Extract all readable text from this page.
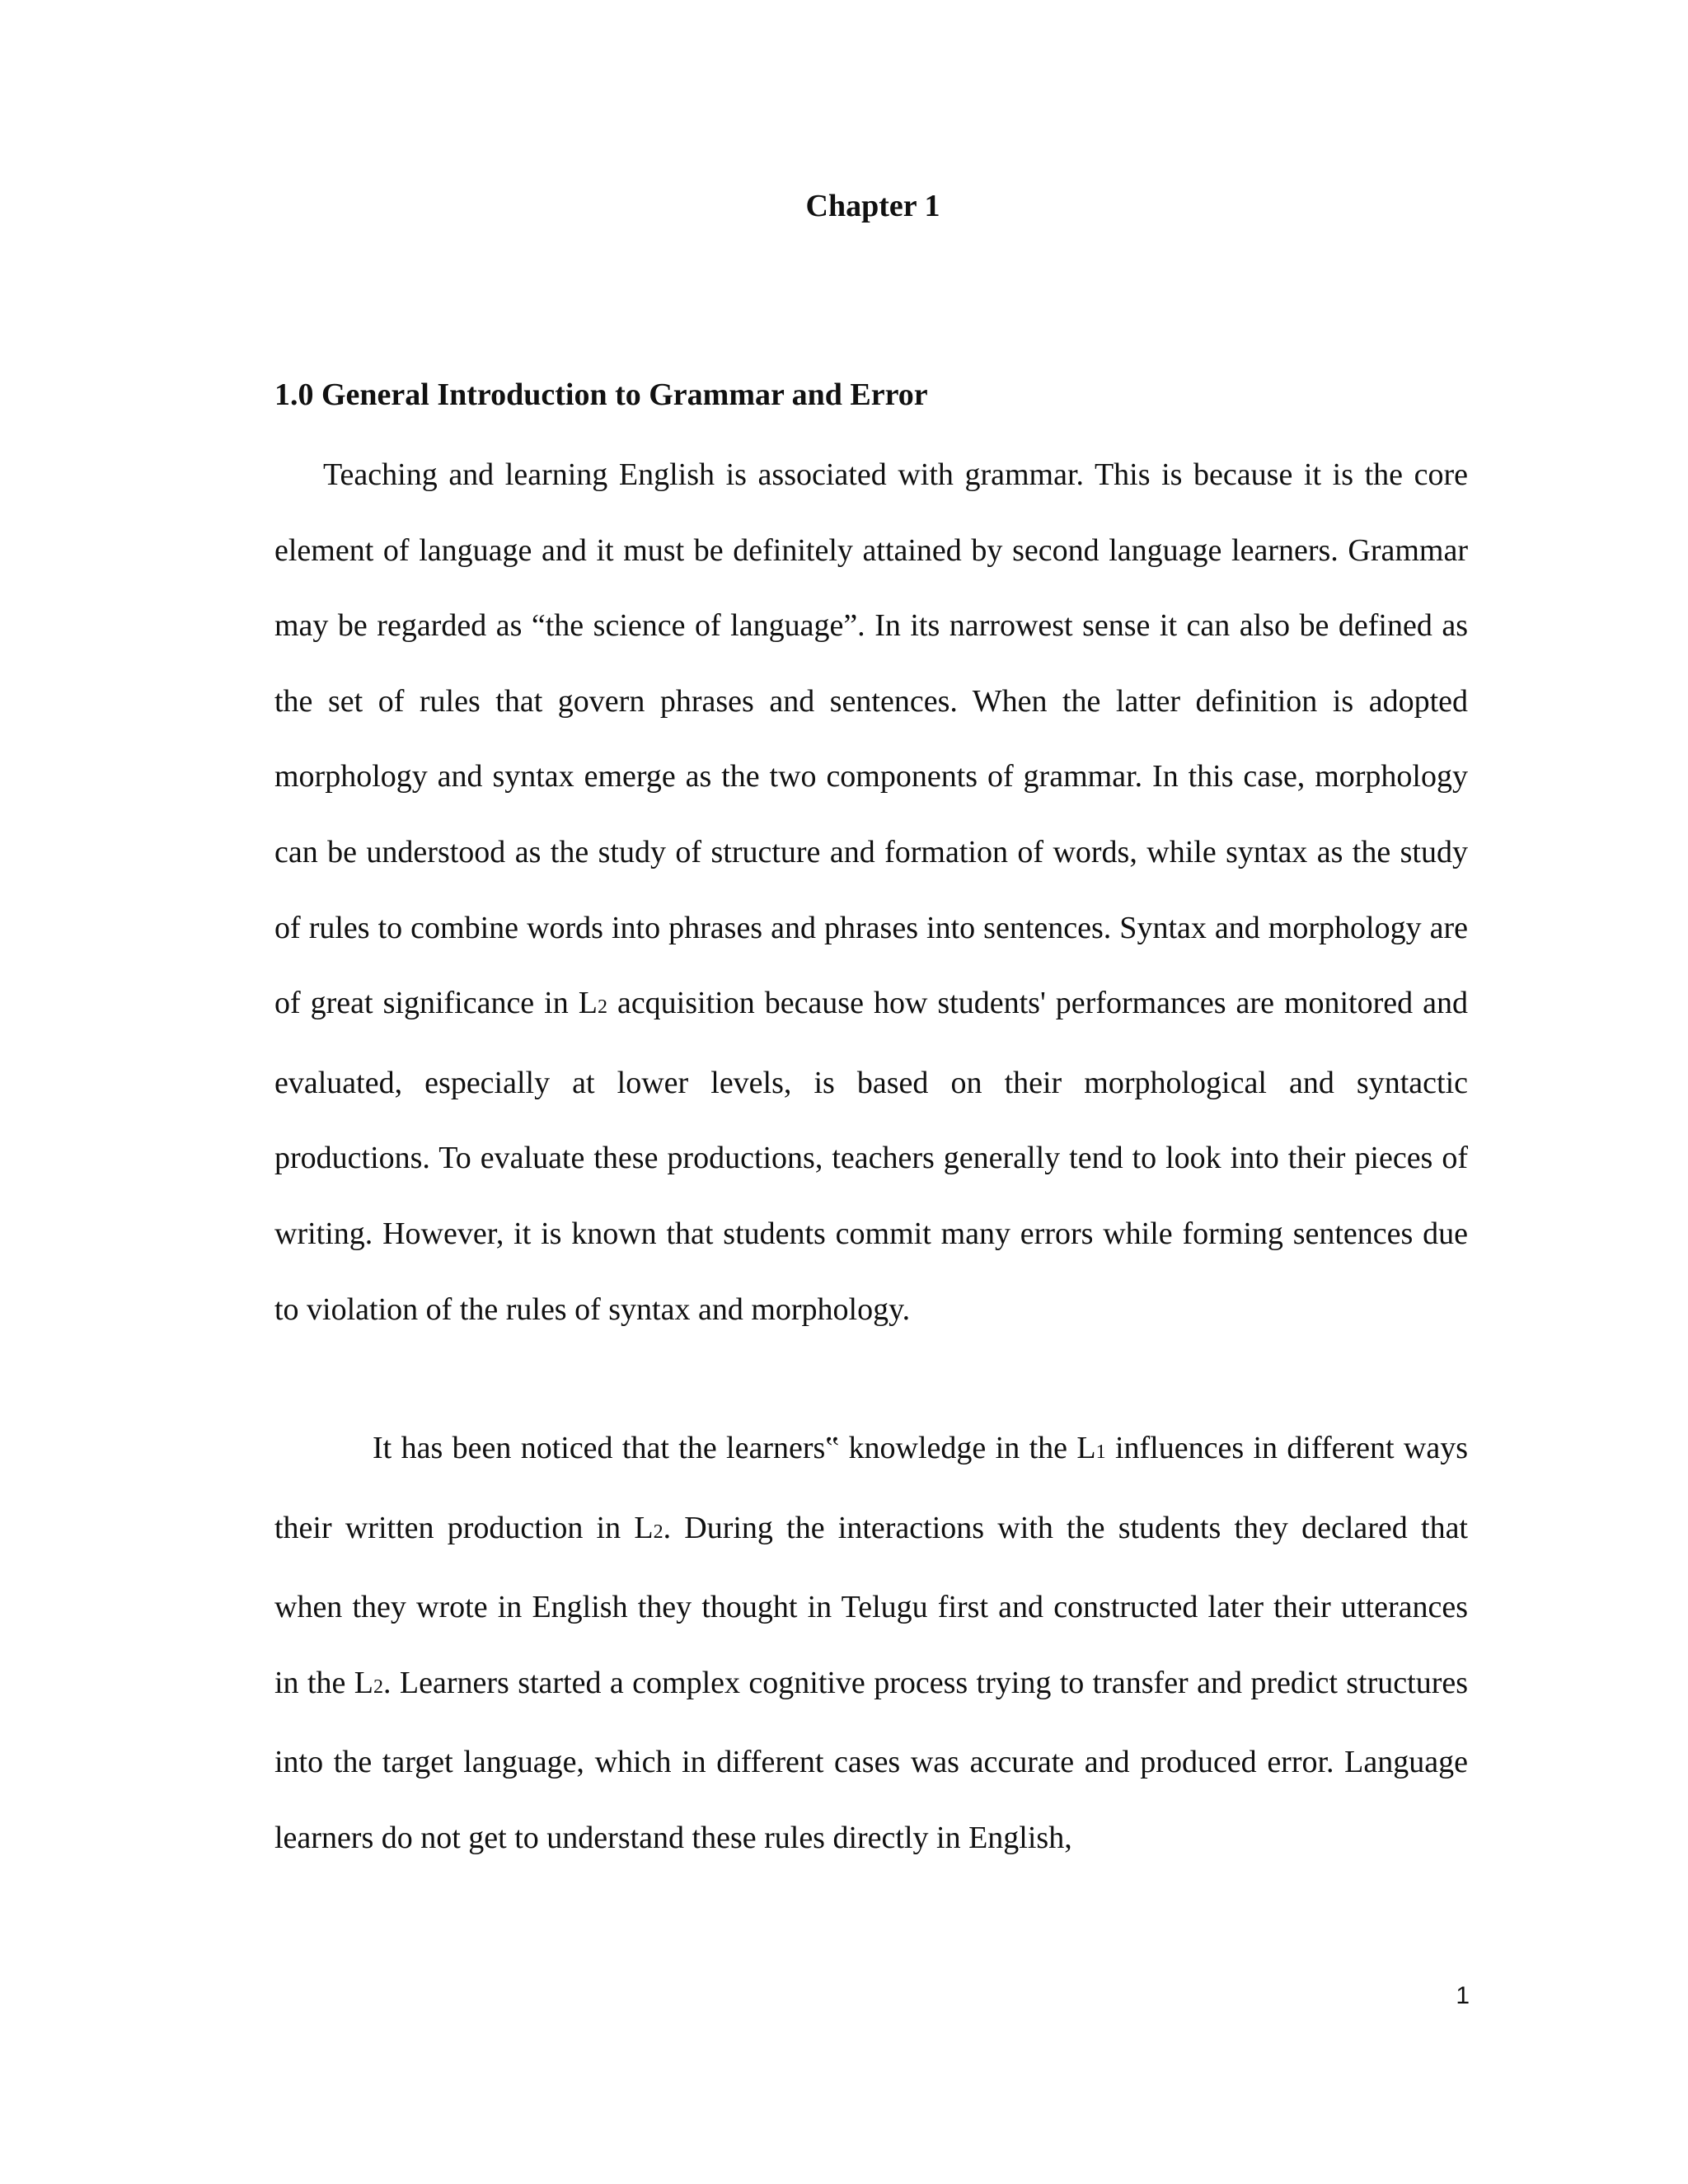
Chapter 1
1.0 General Introduction to Grammar and Error

Teaching and learning English is associated with grammar. This is because it is the core element of language and it must be definitely attained by second language learners. Grammar may be regarded as “the science of language”. In its narrowest sense it can also be defined as the set of rules that govern phrases and sentences. When the latter definition is adopted morphology and syntax emerge as the two components of grammar. In this case, morphology can be understood as the study of structure and formation of words, while syntax as the study of rules to combine words into phrases and phrases into sentences. Syntax and morphology are of great significance in L2 acquisition because how students' performances are monitored and evaluated, especially at lower levels, is based on their morphological and syntactic productions. To evaluate these productions, teachers generally tend to look into their pieces of writing. However, it is known that students commit many errors while forming sentences due to violation of the rules of syntax and morphology.

It has been noticed that the learners‟ knowledge in the L1 influences in different ways their written production in L2. During the interactions with the students they declared that when they wrote in English they thought in Telugu first and constructed later their utterances in the L2. Learners started a complex cognitive process trying to transfer and predict structures into the target language, which in different cases was accurate and produced error. Language learners do not get to understand these rules directly in English,

1
